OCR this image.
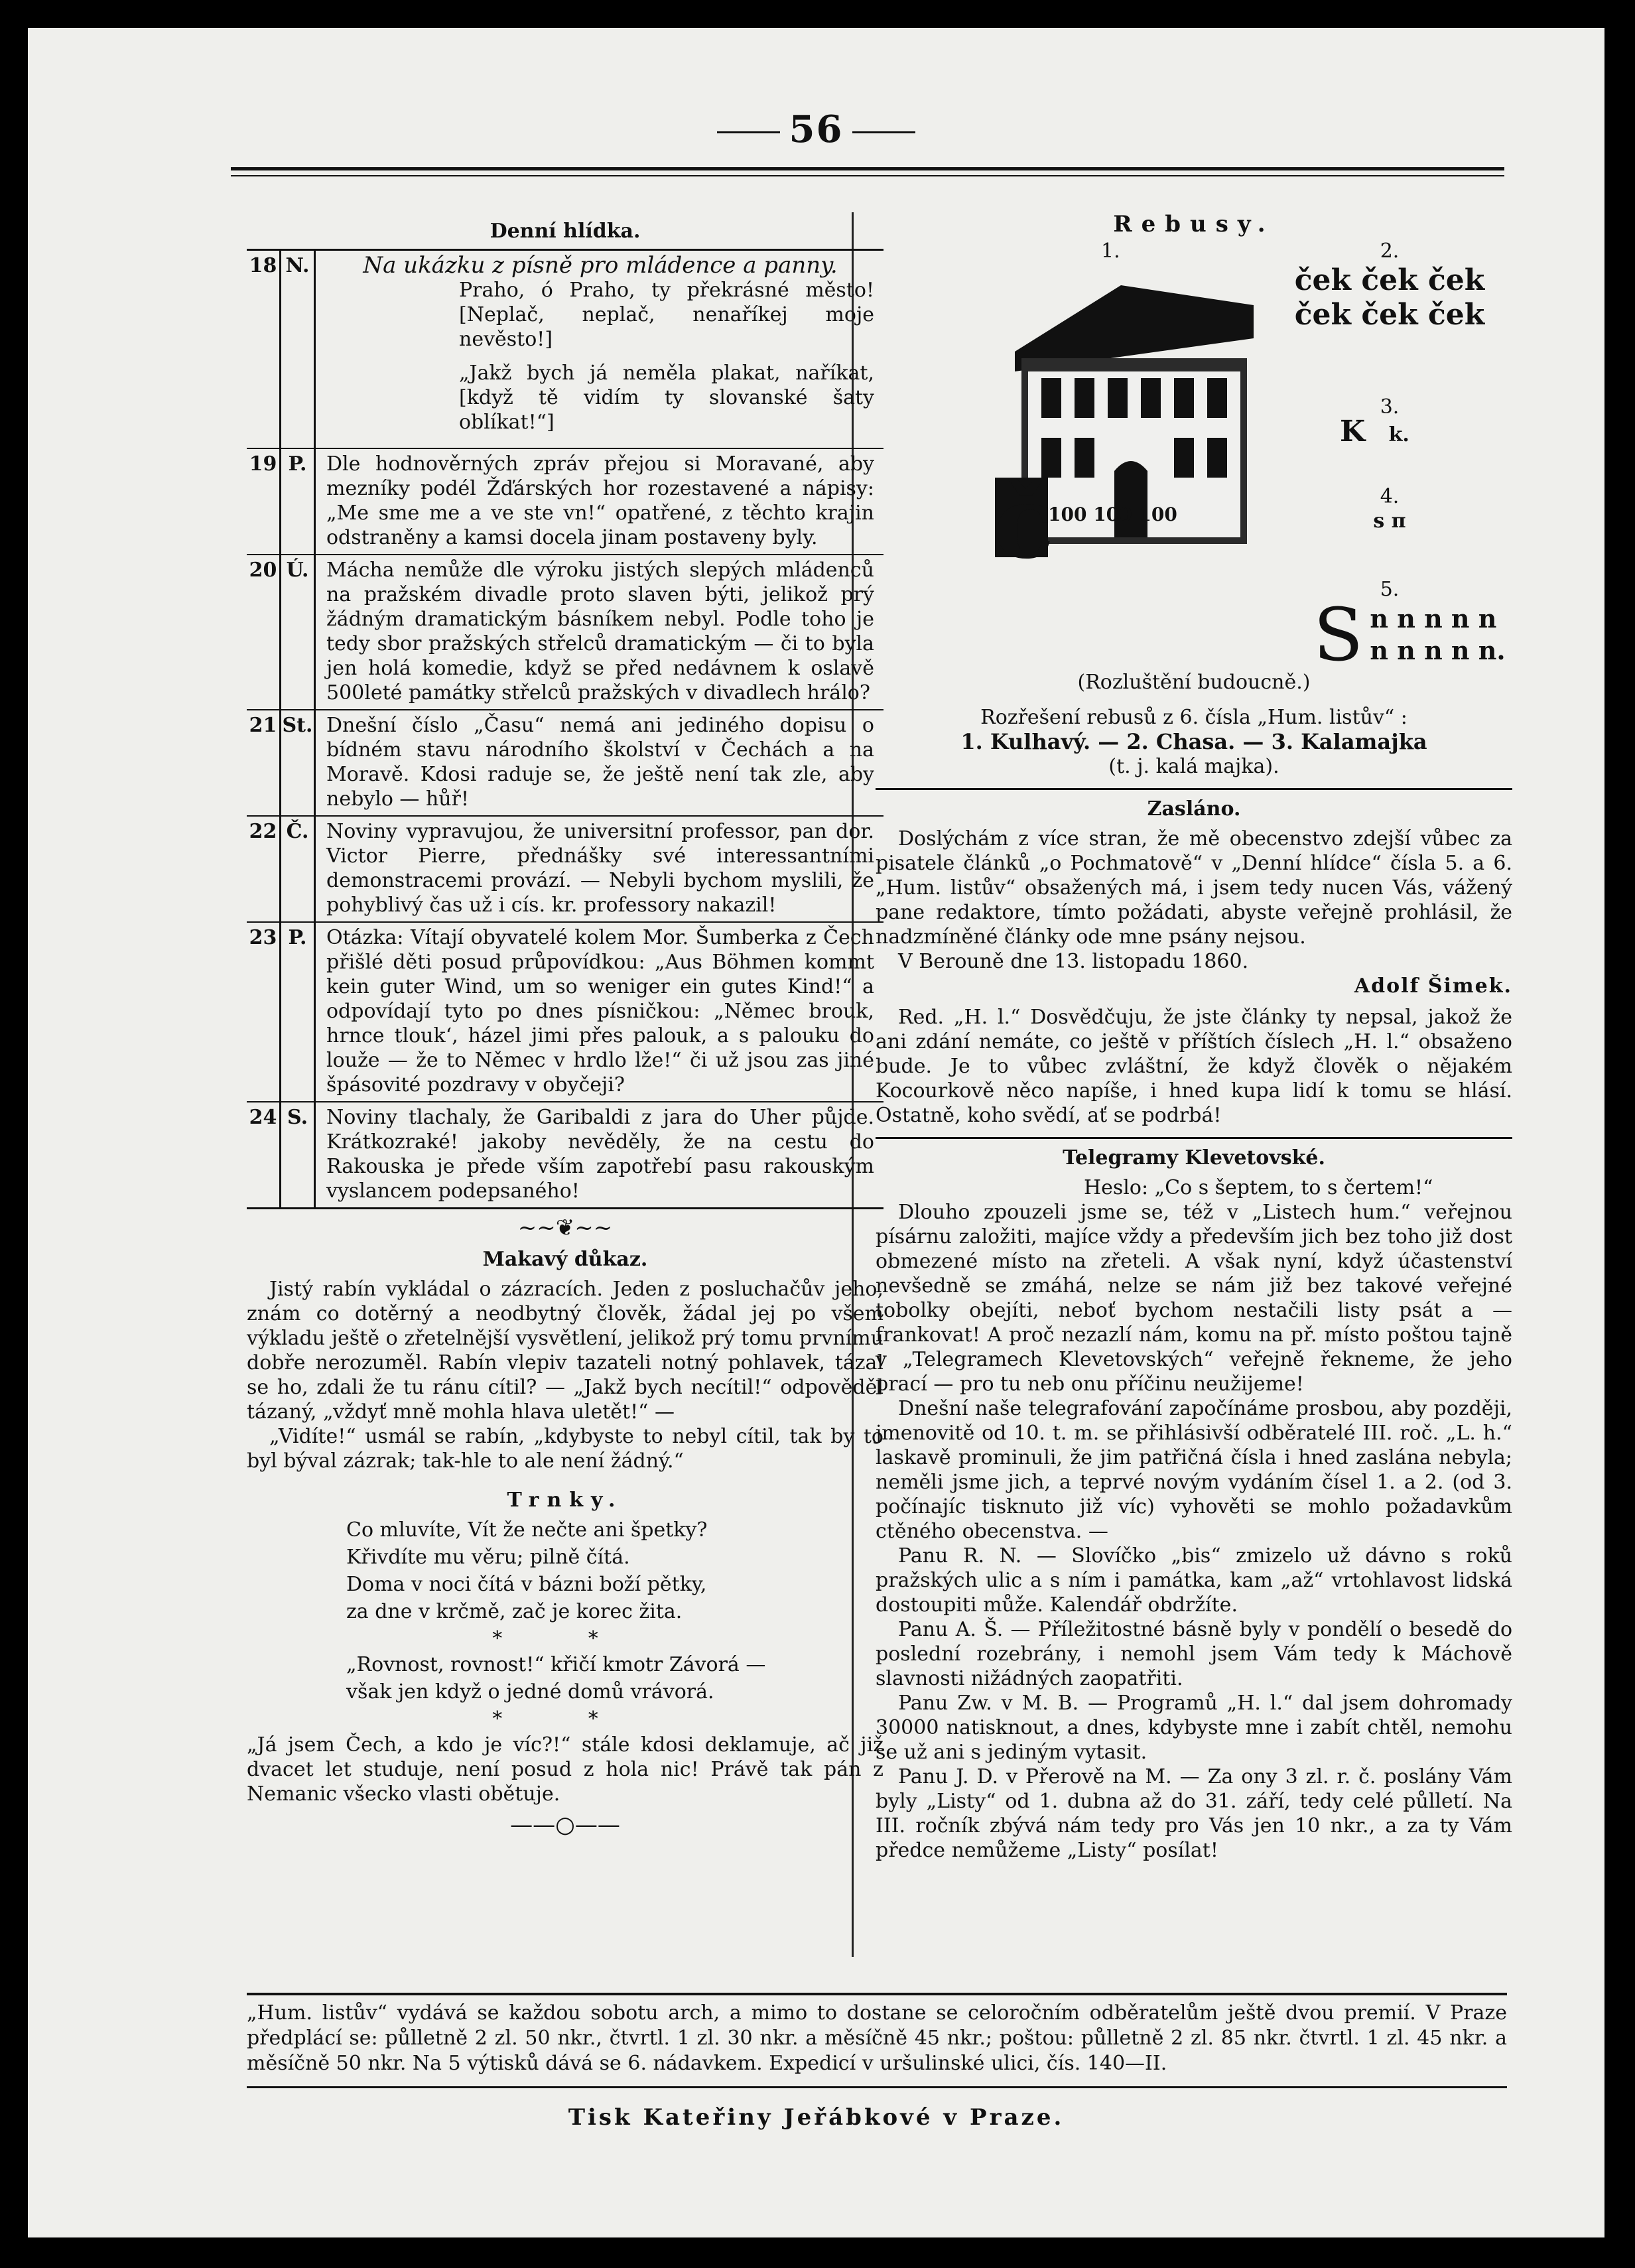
56
Denní hlídka.
18 N.	Na ukázku z písně pro mládence a panny.

Praho, ó Praho, ty překrásné město! [Neplač, neplač, nenaříkej moje nevěsto!]

„Jakž bych já neměla plakat, naříkat, [když tě vidím ty slovanské šaty oblíkat!“]

19 P. Dle hodnověrných zpráv přejou si Moravané, aby mezníky podél Žďárských hor rozestavené a nápisy: „Me sme me a ve ste vn!“ opatřené, z těchto krajin odstraněny a kamsi docela jinam postaveny byly.
20 Ú. Mácha nemůže dle výroku jistých slepých mládenců na pražském divadle proto slaven býti, jelikož prý žádným dramatickým básníkem nebyl. Podle toho je tedy sbor pražských střelců dramatickým — či to byla jen holá komedie, když se před nedávnem k oslavě 500leté památky střelců pražských v divadlech hrálo?
21 St. Dnešní číslo „Času“ nemá ani jediného dopisu o bídném stavu národního školství v Čechách a na Moravě. Kdosi raduje se, že ještě není tak zle, aby nebylo — hůř!
22 Č. Noviny vypravujou, že universitní professor, pan dor. Victor Pierre, přednášky své interessantními demonstracemi provází. — Nebyli bychom myslili, že pohyblivý čas už i cís. kr. professory nakazil!
23 P. Otázka: Vítají obyvatelé kolem Mor. Šumberka z Čech přišlé děti posud průpovídkou: „Aus Böhmen kommt kein guter Wind, um so weniger ein gutes Kind!“ a odpovídají tyto po dnes písničkou: „Němec brouk, hrnce tlouk‘, házel jimi přes palouk, a s palouku do louže — že to Němec v hrdlo lže!“ či už jsou zas jiné špásovité pozdravy v obyčeji?
24 S. Noviny tlachaly, že Garibaldi z jara do Uher půjde. Krátkozraké! jakoby nevěděly, že na cestu do Rakouska je přede vším zapotřebí pasu rakouským vyslancem podepsaného!
~~❦~~
Makavý důkaz.

Jistý rabín vykládal o zázracích. Jeden z posluchačův jeho, znám co dotěrný a neodbytný člověk, žádal jej po všem výkladu ještě o zřetelnější vysvětlení, jelikož prý tomu prvnímu dobře nerozuměl. Rabín vlepiv tazateli notný pohlavek, tázal se ho, zdali že tu ránu cítil? — „Jakž bych necítil!“ odpověděl tázaný, „vždyť mně mohla hlava uletět!“ —

„Vidíte!“ usmál se rabín, „kdybyste to nebyl cítil, tak by to byl býval zázrak; tak-hle to ale není žádný.“

Trnky.

Co mluvíte, Vít že nečte ani špetky?

Křivdíte mu věru; pilně čítá.

Doma v noci čítá v bázni boží pětky,

za dne v krčmě, zač je korec žita.

* *

„Rovnost, rovnost!“ křičí kmotr Závorá —

však jen když o jedné domů vrávorá.

* *

„Já jsem Čech, a kdo je víc?!“ stále kdosi deklamuje, ač již dvacet let studuje, není posud z hola nic! Právě tak pán z Nemanic všecko vlasti obětuje.

——○——
Rebusy.
1.
č
100 100 100
2.
ček ček ček
ček ček ček
3.
K k.
4.
s π
5.
S n n n n n
n n n n n.
(Rozluštění budoucně.)
Rozřešení rebusů z 6. čísla „Hum. listův“ :
1. Kulhavý. — 2. Chasa. — 3. Kalamajka
(t. j. kalá majka).
Zasláno.

Doslýchám z více stran, že mě obecenstvo zdejší vůbec za pisatele článků „o Pochmatově“ v „Denní hlídce“ čísla 5. a 6. „Hum. listův“ obsažených má, i jsem tedy nucen Vás, vážený pane redaktore, tímto požádati, abyste veřejně prohlásil, že nadzmíněné články ode mne psány nejsou.

V Berouně dne 13. listopadu 1860.

Adolf Šimek.

Red. „H. l.“ Dosvědčuju, že jste články ty nepsal, jakož že ani zdání nemáte, co ještě v příštích číslech „H. l.“ obsaženo bude. Je to vůbec zvláštní, že když člověk o nějakém Kocourkově něco napíše, i hned kupa lidí k tomu se hlásí. Ostatně, koho svědí, ať se podrbá!

Telegramy Klevetovské.

Heslo: „Co s šeptem, to s čertem!“

Dlouho zpouzeli jsme se, též v „Listech hum.“ veřejnou písárnu založiti, majíce vždy a především jich bez toho již dost obmezené místo na zřeteli. A však nyní, když účastenství nevšedně se zmáhá, nelze se nám již bez takové veřejné tobolky obejíti, neboť bychom nestačili listy psát a — frankovat! A proč nezazlí nám, komu na př. místo poštou tajně v „Telegramech Klevetovských“ veřejně řekneme, že jeho prací — pro tu neb onu příčinu neužijeme!

Dnešní naše telegrafování započínáme prosbou, aby později, jmenovitě od 10. t. m. se přihlásivší odběratelé III. roč. „L. h.“ laskavě prominuli, že jim patřičná čísla i hned zaslána nebyla; neměli jsme jich, a teprvé novým vydáním čísel 1. a 2. (od 3. počínajíc tisknuto již víc) vyhověti se mohlo požadavkům ctěného obecenstva. —

Panu R. N. — Slovíčko „bis“ zmizelo už dávno s roků pražských ulic a s ním i památka, kam „až“ vrtohlavost lidská dostoupiti může. Kalendář obdržíte.

Panu A. Š. — Příležitostné básně byly v pondělí o besedě do poslední rozebrány, i nemohl jsem Vám tedy k Máchově slavnosti nižádných zaopatřiti.

Panu Zw. v M. B. — Programů „H. l.“ dal jsem dohromady 30000 natisknout, a dnes, kdybyste mne i zabít chtěl, nemohu se už ani s jediným vytasit.

Panu J. D. v Přerově na M. — Za ony 3 zl. r. č. poslány Vám byly „Listy“ od 1. dubna až do 31. září, tedy celé půlletí. Na III. ročník zbývá nám tedy pro Vás jen 10 nkr., a za ty Vám předce nemůžeme „Listy“ posílat!

„Hum. listův“ vydává se každou sobotu arch, a mimo to dostane se celoročním odběratelům ještě dvou premií. V Praze předplácí se: půlletně 2 zl. 50 nkr., čtvrtl. 1 zl. 30 nkr. a měsíčně 45 nkr.; poštou: půlletně 2 zl. 85 nkr. čtvrtl. 1 zl. 45 nkr. a měsíčně 50 nkr. Na 5 výtisků dává se 6. nádavkem. Expedicí v uršulinské ulici, čís. 140—II.
Tisk Kateřiny Jeřábkové v Praze.
